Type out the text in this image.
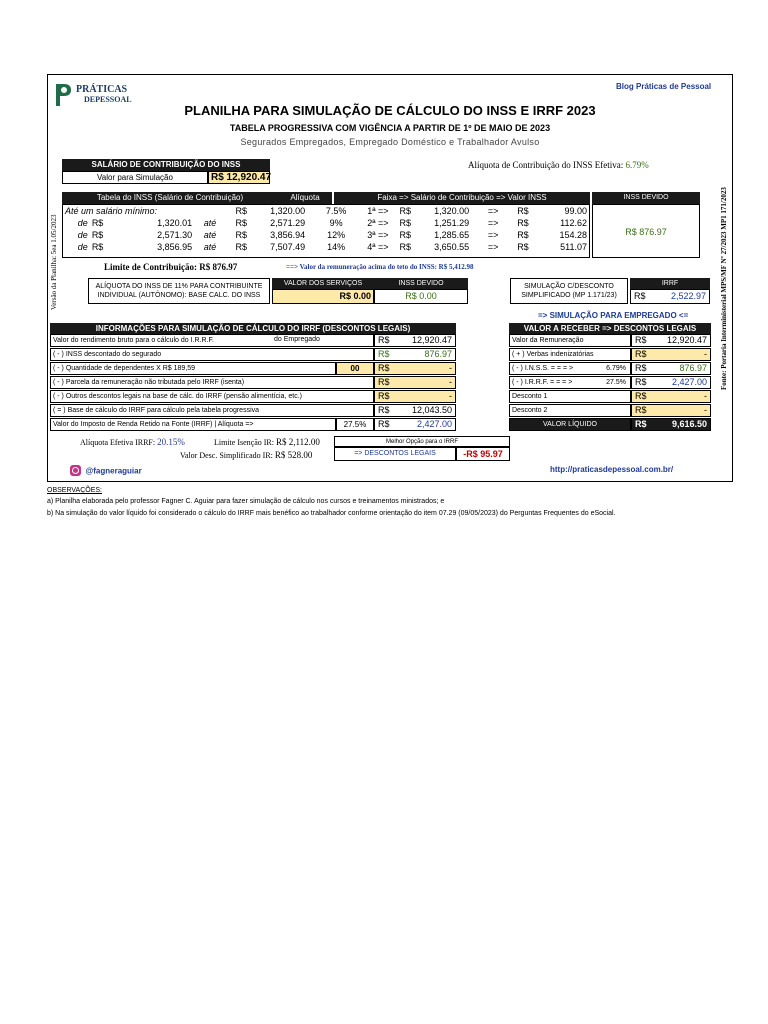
PRÁTICAS
DEPESSOAL
Blog Práticas de Pessoal
PLANILHA PARA SIMULAÇÃO DE CÁLCULO DO INSS E IRRF 2023
TABELA PROGRESSIVA COM VIGÊNCIA A PARTIR DE 1º DE MAIO DE 2023
Segurados Empregados, Empregado Doméstico e Trabalhador Avulso
SALÁRIO DE CONTRIBUIÇÃO DO INSS
Valor para Simulação	R$ 12,920.47
Alíquota de Contribuição do INSS Efetiva: 6.79%
Tabela do INSS (Salário de Contribuição)	Alíquota	Faixa => Salário de Contribuição => Valor INSS	INSS DEVIDO
Até um salário mínimo:					R$	1,320.00	7.5%	1ª =>	R$	1,320.00	=>	R$	99.00
de	R$	1,320.01	até		R$	2,571.29	9%	2ª =>	R$	1,251.29	=>	R$	112.62
de	R$	2,571.30	até		R$	3,856.94	12%	3ª =>	R$	1,285.65	=>	R$	154.28
de	R$	3,856.95	até		R$	7,507.49	14%	4ª =>	R$	3,650.55	=>	R$	511.07
R$ 876.97
Limite de Contribuição: R$ 876.97	==> Valor da remuneração acima do teto do INSS: R$ 5,412.98
ALÍQUOTA DO INSS DE 11% PARA CONTRIBUINTE INDIVIDUAL (AUTÔNOMO): BASE CALC. DO INSS
VALOR DOS SERVIÇOS	INSS DEVIDO
R$ 0.00	R$ 0.00
SIMULAÇÃO C/DESCONTO SIMPLIFICADO (MP 1.171/23)
IRRF
R$	2,522.97
=> SIMULAÇÃO PARA EMPREGADO <=
INFORMAÇÕES PARA SIMULAÇÃO DE CÁLCULO DO IRRF (DESCONTOS LEGAIS)
Valor do rendimento bruto para o cálculo do I.R.R.F.	do Empregado	R$ 12,920.47
( - ) INSS descontado do segurado	R$	876.97
( - ) Quantidade de dependentes X R$ 189,59	00	R$	-
( - ) Parcela da remuneração não tributada pelo IRRF (isenta)	R$	-
( - ) Outros descontos legais na base de cálc. do IRRF (pensão alimentícia, etc.)	R$	-
( = ) Base de cálculo do IRRF para cálculo pela tabela progressiva	R$ 12,043.50
Valor do Imposto de Renda Retido na Fonte (IRRF) | Alíquota =>	27.5%	R$	2,427.00
VALOR A RECEBER => DESCONTOS LEGAIS
Valor da Remuneração	R$ 12,920.47
( + ) Verbas indenizatórias	R$	-
( - ) I.N.S.S. = = = >	6.79% R$	876.97
( - ) I.R.R.F. = = = >	27.5% R$	2,427.00
Desconto 1	R$	-
Desconto 2	R$	-
VALOR LÍQUIDO	R$	9,616.50
Alíquota Efetiva IRRF: 20.15%	Limite Isenção IR: R$ 2,112.00
Valor Desc. Simplificado IR: R$ 528.00
Melhor Opção para o IRRF
=> DESCONTOS LEGAIS	-R$ 95.97
@fagneraguiar	http://praticasdepessoal.com.br/
Versão da Planilha: 5ea 1.05/2023	Fonte: Portaria Interministerial MPS/MF Nº 27/2023 MP1 171/2023
OBSERVAÇÕES:
a) Planilha elaborada pelo professor Fagner C. Aguiar para fazer simulação de cálculo nos cursos e treinamentos ministrados; e
b) Na simulação do valor líquido foi considerado o cálculo do IRRF mais benéfico ao trabalhador conforme orientação do item 07.29 (09/05/2023) do Perguntas Frequentes do eSocial.
